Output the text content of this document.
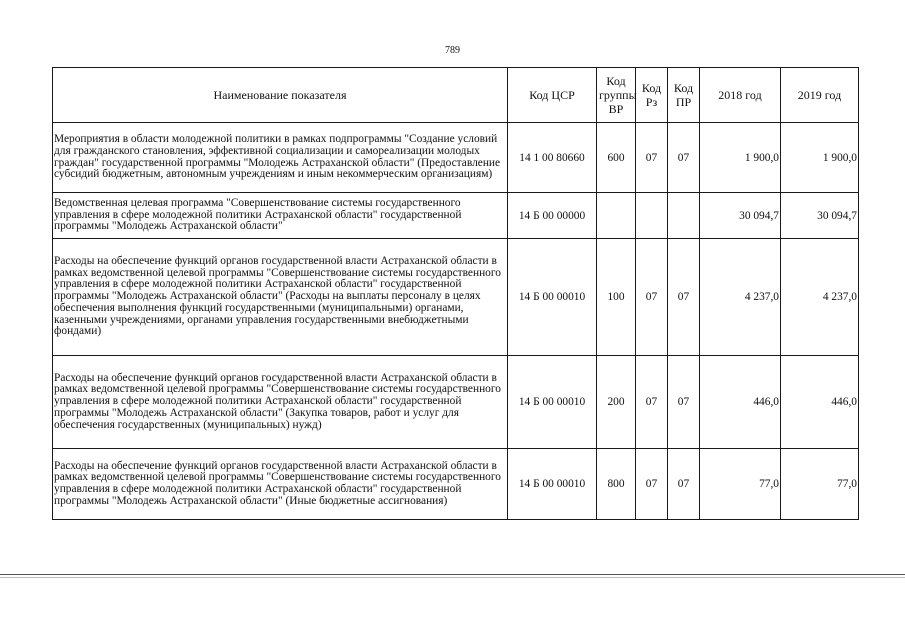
789
Наименование показателя	Код ЦСР	Код группы ВР	Код Рз	Код ПР	2018 год	2019 год
Мероприятия в области молодежной политики в рамках подпрограммы "Создание условий для гражданского становления, эффективной социализации и самореализации молодых граждан" государственной программы "Молодежь Астраханской области" (Предоставление субсидий бюджетным, автономным учреждениям и иным некоммерческим организациям)	14 1 00 80660	600	07	07	1 900,0	1 900,0
Ведомственная целевая программа "Совершенствование системы государственного управления в сфере молодежной политики Астраханской области" государственной программы "Молодежь Астраханской области"	14 Б 00 00000				30 094,7	30 094,7
Расходы на обеспечение функций органов государственной власти Астраханской области в рамках ведомственной целевой программы "Совершенствование системы государственного управления в сфере молодежной политики Астраханской области" государственной программы "Молодежь Астраханской области" (Расходы на выплаты персоналу в целях обеспечения выполнения функций государственными (муниципальными) органами, казенными учреждениями, органами управления государственными внебюджетными фондами)	14 Б 00 00010	100	07	07	4 237,0	4 237,0
Расходы на обеспечение функций органов государственной власти Астраханской области в рамках ведомственной целевой программы "Совершенствование системы государственного управления в сфере молодежной политики Астраханской области" государственной программы "Молодежь Астраханской области" (Закупка товаров, работ и услуг для обеспечения государственных (муниципальных) нужд)	14 Б 00 00010	200	07	07	446,0	446,0
Расходы на обеспечение функций органов государственной власти Астраханской области в рамках ведомственной целевой программы "Совершенствование системы государственного управления в сфере молодежной политики Астраханской области" государственной программы "Молодежь Астраханской области" (Иные бюджетные ассигнования)	14 Б 00 00010	800	07	07	77,0	77,0
